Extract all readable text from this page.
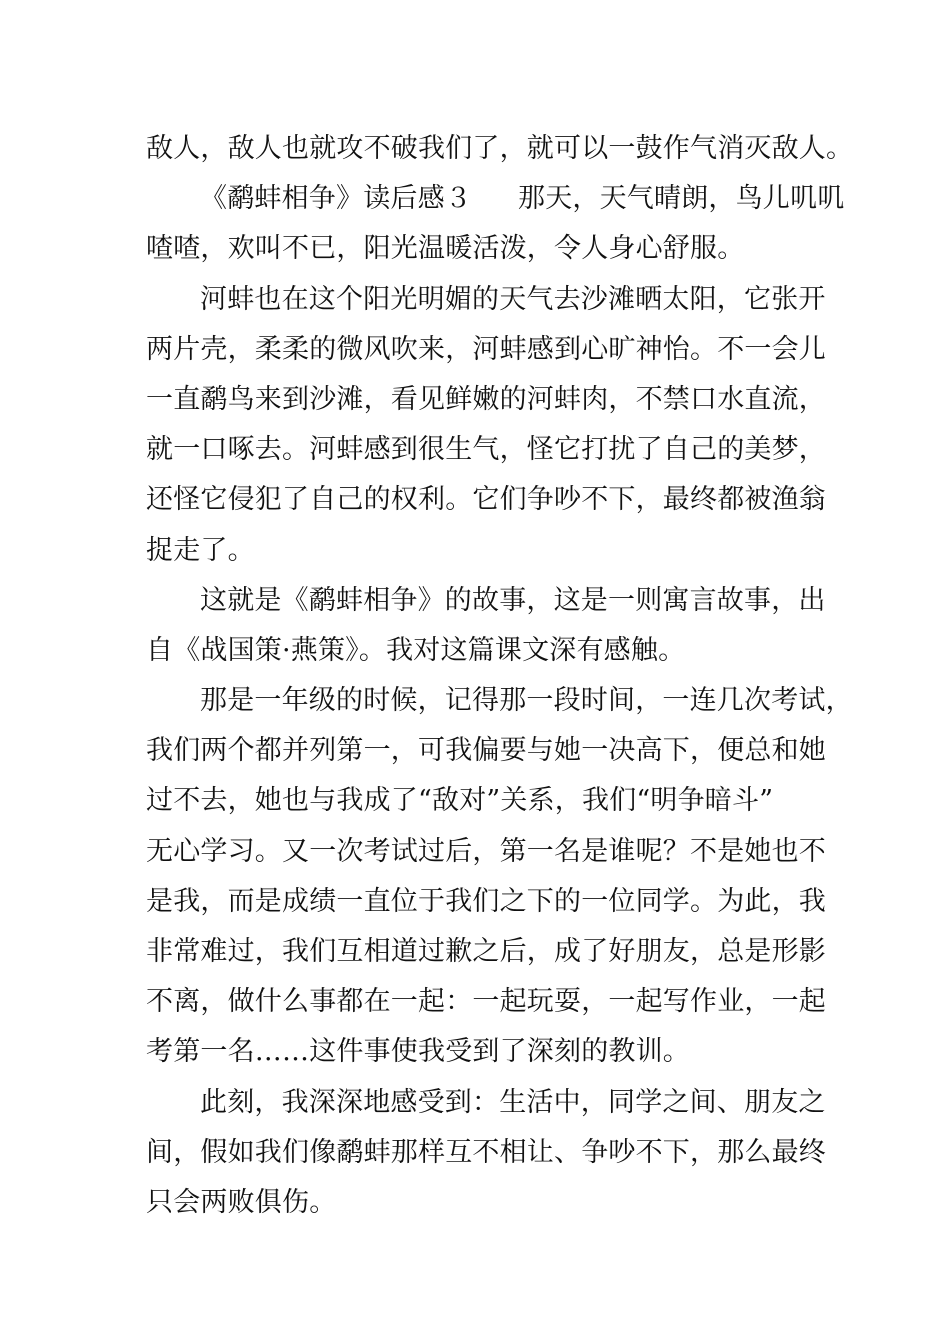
敌人，敌人也就攻不破我们了，就可以一鼓作气消灭敌人。
《鹬蚌相争》读后感３ 那天，天气晴朗，鸟儿叽叽
喳喳，欢叫不已，阳光温暖活泼，令人身心舒服。
河蚌也在这个阳光明媚的天气去沙滩晒太阳，它张开
两片壳，柔柔的微风吹来，河蚌感到心旷神怡。不一会儿
一直鹬鸟来到沙滩，看见鲜嫩的河蚌肉，不禁口水直流，
就一口啄去。河蚌感到很生气，怪它打扰了自己的美梦，
还怪它侵犯了自己的权利。它们争吵不下，最终都被渔翁
捉走了。
这就是《鹬蚌相争》的故事，这是一则寓言故事，出
自《战国策·燕策》。我对这篇课文深有感触。
那是一年级的时候，记得那一段时间，一连几次考试，
我们两个都并列第一，可我偏要与她一决高下，便总和她
过不去，她也与我成了“敌对”关系，我们“明争暗斗”
无心学习。又一次考试过后，第一名是谁呢？不是她也不
是我，而是成绩一直位于我们之下的一位同学。为此，我
非常难过，我们互相道过歉之后，成了好朋友，总是形影
不离，做什么事都在一起：一起玩耍，一起写作业，一起
考第一名……这件事使我受到了深刻的教训。
此刻，我深深地感受到：生活中，同学之间、朋友之
间，假如我们像鹬蚌那样互不相让、争吵不下，那么最终
只会两败俱伤。
